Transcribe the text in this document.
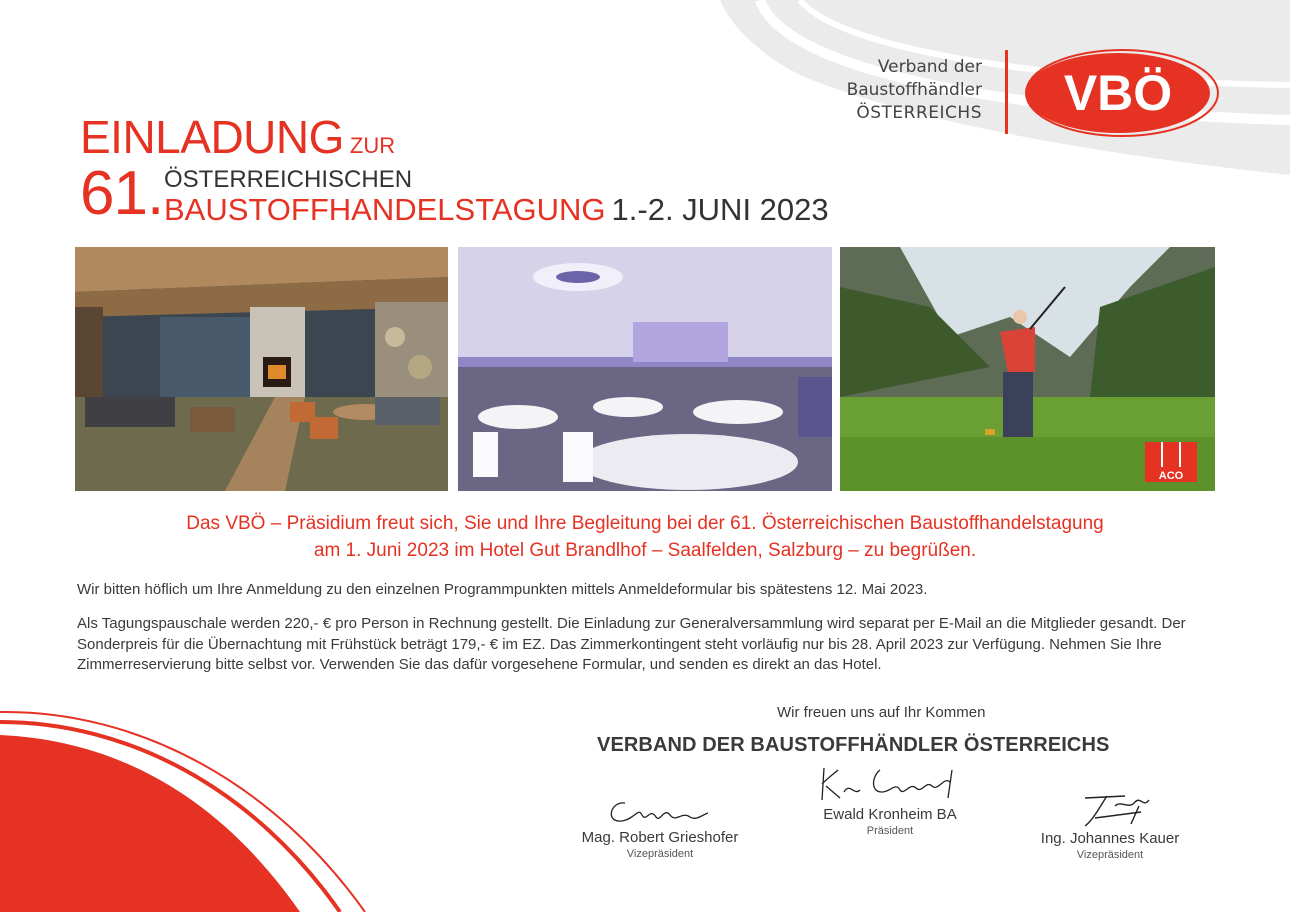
Verband der
Baustoffhändler
ÖSTERREICHS VBÖ
EINLADUNG ZUR
61. ÖSTERREICHISCHEN
BAUSTOFFHANDELSTAGUNG 1.-2. JUNI 2023
ACO
Das VBÖ – Präsidium freut sich, Sie und Ihre Begleitung bei der 61. Österreichischen Baustoffhandelstagung
am 1. Juni 2023 im Hotel Gut Brandlhof – Saalfelden, Salzburg – zu begrüßen.
Wir bitten höflich um Ihre Anmeldung zu den einzelnen Programmpunkten mittels Anmeldeformular bis spätestens 12. Mai 2023.
Als Tagungspauschale werden 220,- € pro Person in Rechnung gestellt. Die Einladung zur Generalversammlung wird separat per E-Mail an die Mitglieder gesandt. Der Sonderpreis für die Übernachtung mit Frühstück beträgt 179,- € im EZ. Das Zimmerkontingent steht vorläufig nur bis 28. April 2023 zur Verfügung. Nehmen Sie Ihre Zimmerreservierung bitte selbst vor. Verwenden Sie das dafür vorgesehene Formular, und senden es direkt an das Hotel.
Wir freuen uns auf Ihr Kommen
VERBAND DER BAUSTOFFHÄNDLER ÖSTERREICHS
Mag. Robert Grieshofer
Vizepräsident
Ewald Kronheim BA
Präsident	Ing. Johannes Kauer
Vizepräsident
